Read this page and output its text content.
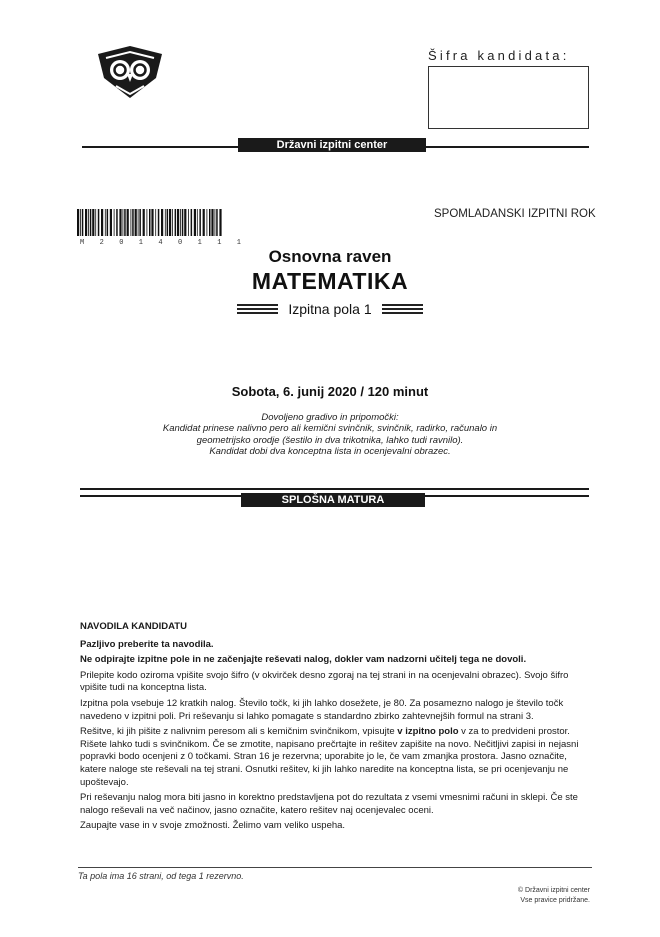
Šifra kandidata:
Državni izpitni center
M 2 0 1 4 0 1 1 1
SPOMLADANSKI IZPITNI ROK
Osnovna raven
MATEMATIKA
Izpitna pola 1
Sobota, 6. junij 2020 / 120 minut
Dovoljeno gradivo in pripomočki:
Kandidat prinese nalivno pero ali kemični svinčnik, svinčnik, radirko, računalo in
geometrijsko orodje (šestilo in dva trikotnika, lahko tudi ravnilo).
Kandidat dobi dva konceptna lista in ocenjevalni obrazec.
SPLOŠNA MATURA

NAVODILA KANDIDATU

Pazljivo preberite ta navodila.

Ne odpirajte izpitne pole in ne začenjajte reševati nalog, dokler vam nadzorni učitelj tega ne dovoli.

Prilepite kodo oziroma vpišite svojo šifro (v okvirček desno zgoraj na tej strani in na ocenjevalni obrazec). Svojo šifro vpišite tudi na konceptna lista.

Izpitna pola vsebuje 12 kratkih nalog. Število točk, ki jih lahko dosežete, je 80. Za posamezno nalogo je število točk navedeno v izpitni poli. Pri reševanju si lahko pomagate s standardno zbirko zahtevnejših formul na strani 3.

Rešitve, ki jih pišite z nalivnim peresom ali s kemičnim svinčnikom, vpisujte v izpitno polo v za to predvideni prostor. Rišete lahko tudi s svinčnikom. Če se zmotite, napisano prečrtajte in rešitev zapišite na novo. Nečitljivi zapisi in nejasni popravki bodo ocenjeni z 0 točkami. Stran 16 je rezervna; uporabite jo le, če vam zmanjka prostora. Jasno označite, katere naloge ste reševali na tej strani. Osnutki rešitev, ki jih lahko naredite na konceptna lista, se pri ocenjevanju ne upoštevajo.

Pri reševanju nalog mora biti jasno in korektno predstavljena pot do rezultata z vsemi vmesnimi računi in sklepi. Če ste nalogo reševali na več načinov, jasno označite, katero rešitev naj ocenjevalec oceni.

Zaupajte vase in v svoje zmožnosti. Želimo vam veliko uspeha.

Ta pola ima 16 strani, od tega 1 rezervno.
© Državni izpitni center
Vse pravice pridržane.
